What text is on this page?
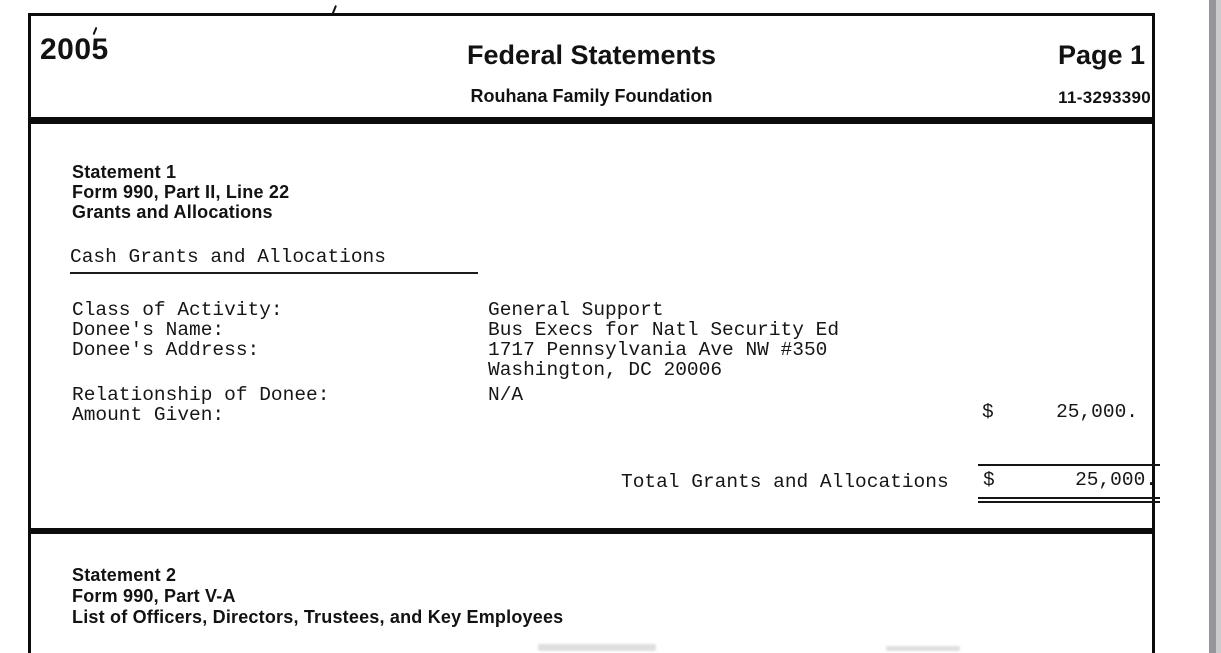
2005	Federal Statements	Page 1
Rouhana Family Foundation	11-3293390
Statement 1
Form 990, Part II, Line 22
Grants and Allocations
Cash Grants and Allocations
Class of Activity:	General Support
Donee's Name:	Bus Execs for Natl Security Ed
Donee's Address:	1717 Pennsylvania Ave NW #350
Washington, DC 20006
Relationship of Donee:	N/A
Amount Given:	$	25,000.
Total Grants and Allocations $	25,000.
Statement 2
Form 990, Part V-A
List of Officers, Directors, Trustees, and Key Employees
